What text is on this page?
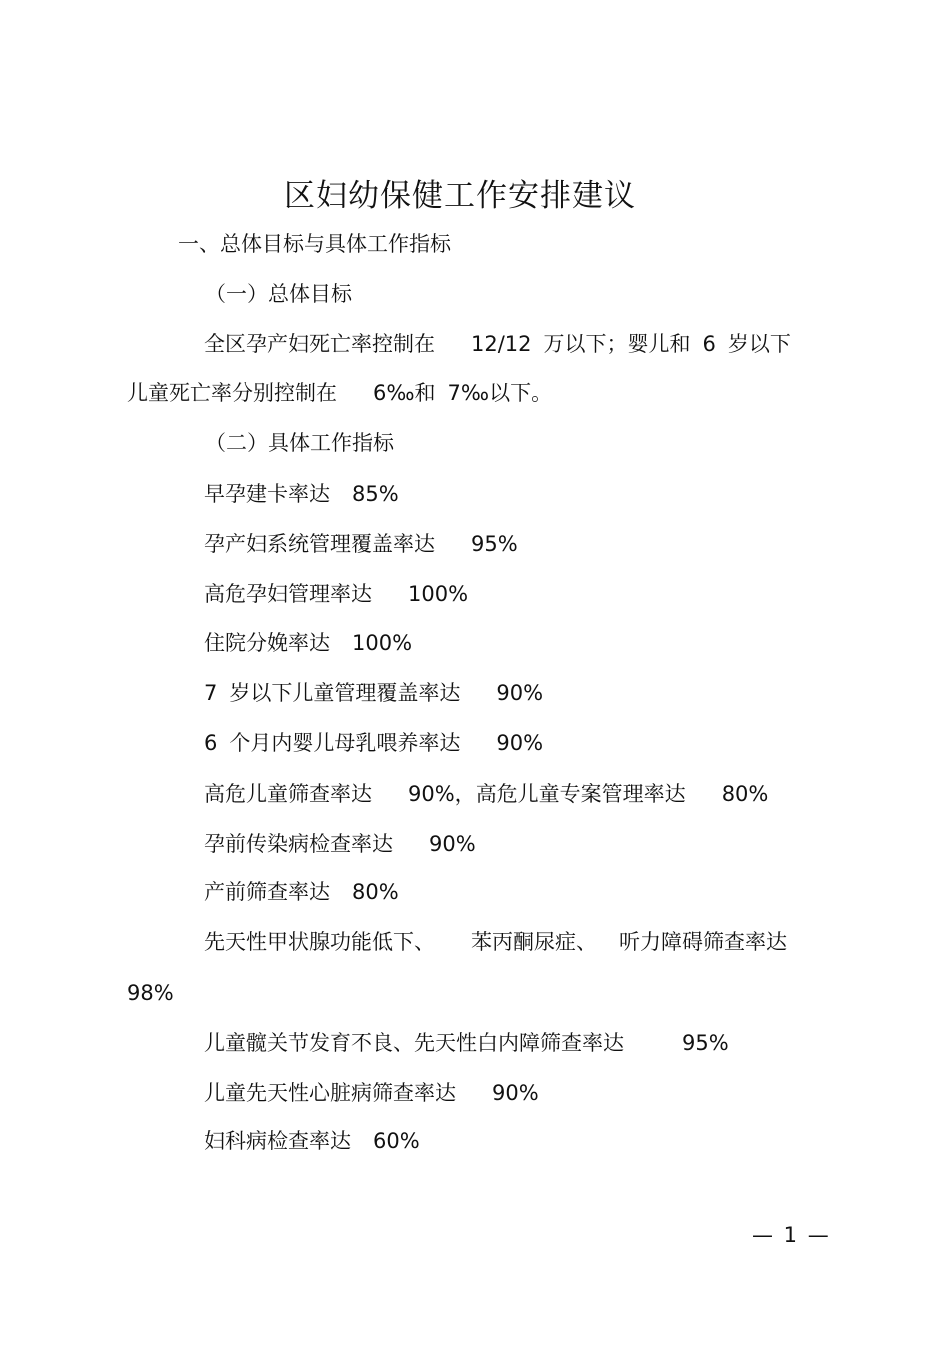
区妇幼保健工作安排建议
一、总体目标与具体工作指标
（一）总体目标
全区孕产妇死亡率控制在 12/12 万以下；婴儿和 6 岁以下
儿童死亡率分别控制在 6‰和 7‰以下。
（二）具体工作指标
早孕建卡率达 85%
孕产妇系统管理覆盖率达 95%
高危孕妇管理率达 100%
住院分娩率达 100%
7 岁以下儿童管理覆盖率达 90%
6 个月内婴儿母乳喂养率达 90%
高危儿童筛查率达 90%，高危儿童专案管理率达 80%
孕前传染病检查率达 90%
产前筛查率达 80%
先天性甲状腺功能低下、 苯丙酮尿症、 听力障碍筛查率达
98%
儿童髋关节发育不良、先天性白内障筛查率达	95%
儿童先天性心脏病筛查率达 90%
妇科病检查率达 60%
— 1 —
